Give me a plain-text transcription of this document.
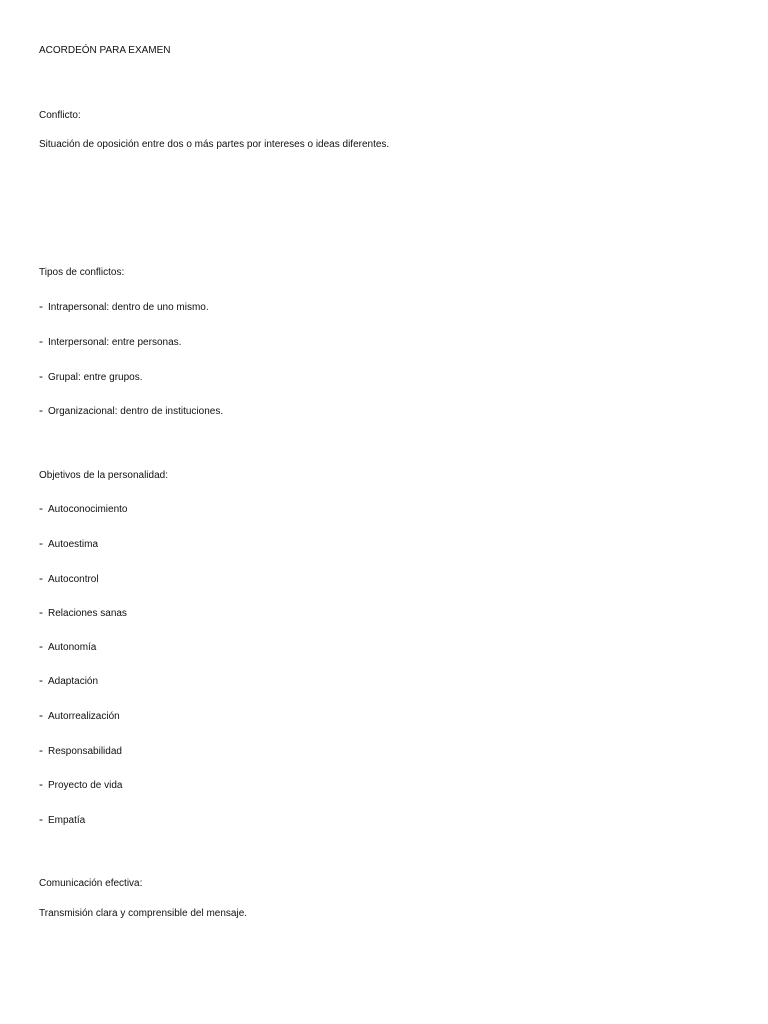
ACORDEÓN PARA EXAMEN
Conflicto:
Situación de oposición entre dos o más partes por intereses o ideas diferentes.
Tipos de conflictos:
- Intrapersonal: dentro de uno mismo.
- Interpersonal: entre personas.
- Grupal: entre grupos.
- Organizacional: dentro de instituciones.
Objetivos de la personalidad:
- Autoconocimiento
- Autoestima
- Autocontrol
- Relaciones sanas
- Autonomía
- Adaptación
- Autorrealización
- Responsabilidad
- Proyecto de vida
- Empatía
Comunicación efectiva:
Transmisión clara y comprensible del mensaje.
